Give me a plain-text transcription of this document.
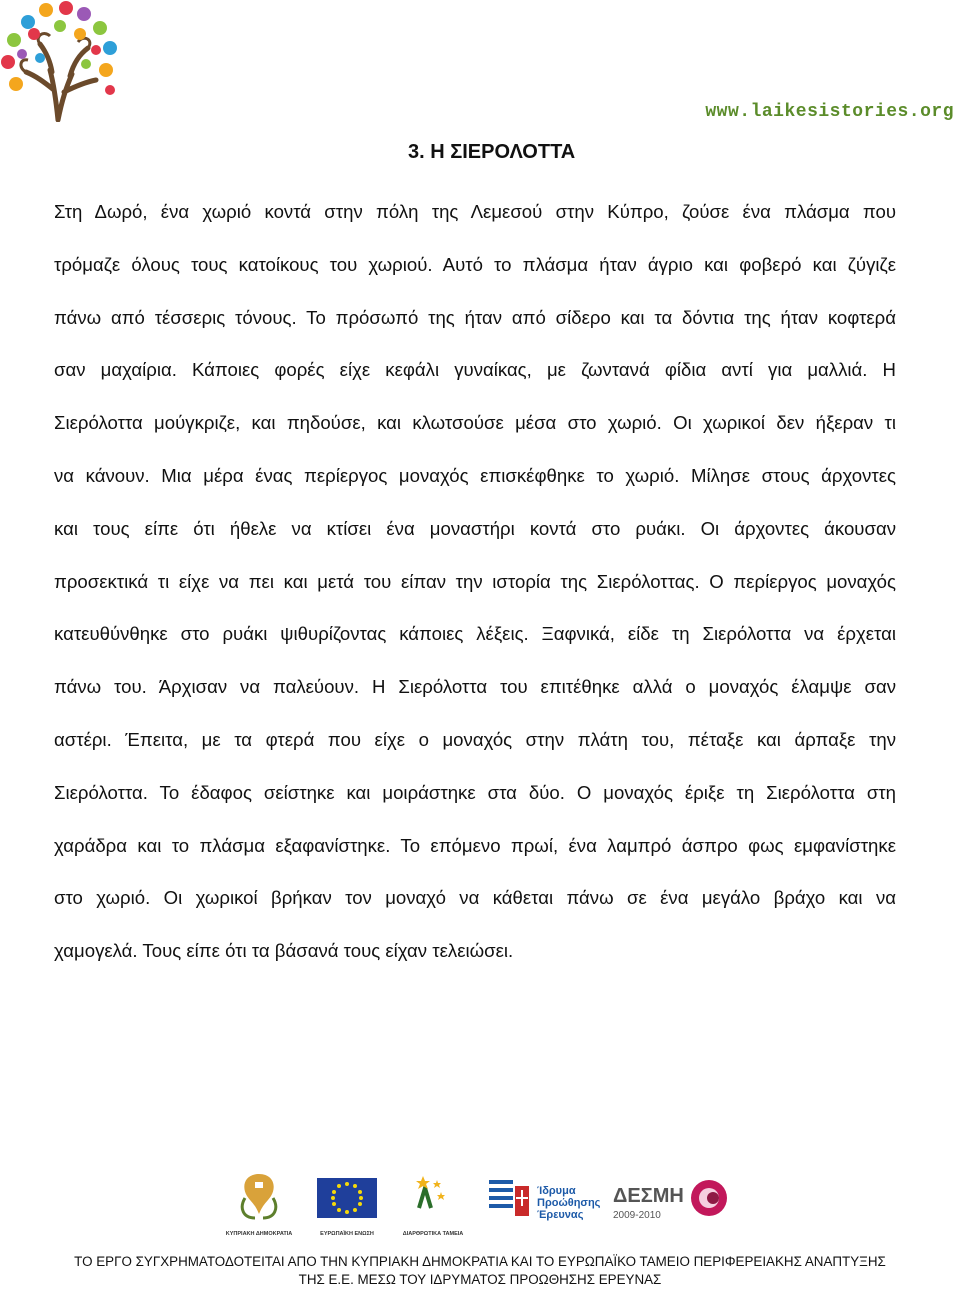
www.laikesistories.org
3. Η ΣΙΕΡΟΛΟΤΤΑ
Στη Δωρό, ένα χωριό κοντά στην πόλη της Λεμεσού στην Κύπρο, ζούσε ένα πλάσμα που
τρόμαζε όλους τους κατοίκους του χωριού. Αυτό το πλάσμα ήταν άγριο και φοβερό και ζύγιζε
πάνω από τέσσερις τόνους. Το πρόσωπό της ήταν από σίδερο και τα δόντια της ήταν κοφτερά
σαν μαχαίρια. Κάποιες φορές είχε κεφάλι γυναίκας, με ζωντανά φίδια αντί για μαλλιά. Η
Σιερόλοττα μούγκριζε, και πηδούσε, και κλωτσούσε μέσα στο χωριό. Οι χωρικοί δεν ήξεραν τι
να κάνουν. Μια μέρα ένας περίεργος μοναχός επισκέφθηκε το χωριό. Μίλησε στους άρχοντες
και τους είπε ότι ήθελε να κτίσει ένα μοναστήρι κοντά στο ρυάκι. Οι άρχοντες άκουσαν
προσεκτικά τι είχε να πει και μετά του είπαν την ιστορία της Σιερόλοττας. Ο περίεργος μοναχός
κατευθύνθηκε στο ρυάκι ψιθυρίζοντας κάποιες λέξεις. Ξαφνικά, είδε τη Σιερόλοττα να έρχεται
πάνω του. Άρχισαν να παλεύουν. Η Σιερόλοττα του επιτέθηκε αλλά ο μοναχός έλαμψε σαν
αστέρι. Έπειτα, με τα φτερά που είχε ο μοναχός στην πλάτη του, πέταξε και άρπαξε την
Σιερόλοττα. Το έδαφος σείστηκε και μοιράστηκε στα δύο. Ο μοναχός έριξε τη Σιερόλοττα στη
χαράδρα και το πλάσμα εξαφανίστηκε. Το επόμενο πρωί, ένα λαμπρό άσπρο φως εμφανίστηκε
στο χωριό. Οι χωρικοί βρήκαν τον μοναχό να κάθεται πάνω σε ένα μεγάλο βράχο και να
χαμογελά. Τους είπε ότι τα βάσανά τους είχαν τελειώσει.
ΚΥΠΡΙΑΚΗ ΔΗΜΟΚΡΑΤΙΑ	ΕΥΡΩΠΑΪΚΗ ΕΝΩΣΗ	ΔΙΑΡΘΡΩΤΙΚΑ ΤΑΜΕΙΑ
Ίδρυμα
Προώθησης
Έρευνας
ΔΕΣΜΗ
2009-2010
ΤΟ ΕΡΓΟ ΣΥΓΧΡΗΜΑΤΟΔΟΤΕΙΤΑΙ ΑΠΟ ΤΗΝ ΚΥΠΡΙΑΚΗ ΔΗΜΟΚΡΑΤΙΑ ΚΑΙ ΤΟ ΕΥΡΩΠΑΪΚΟ ΤΑΜΕΙΟ ΠΕΡΙΦΕΡΕΙΑΚΗΣ ΑΝΑΠΤΥΞΗΣ
ΤΗΣ Ε.Ε. ΜΕΣΩ ΤΟΥ ΙΔΡΥΜΑΤΟΣ ΠΡΟΩΘΗΣΗΣ ΕΡΕΥΝΑΣ
